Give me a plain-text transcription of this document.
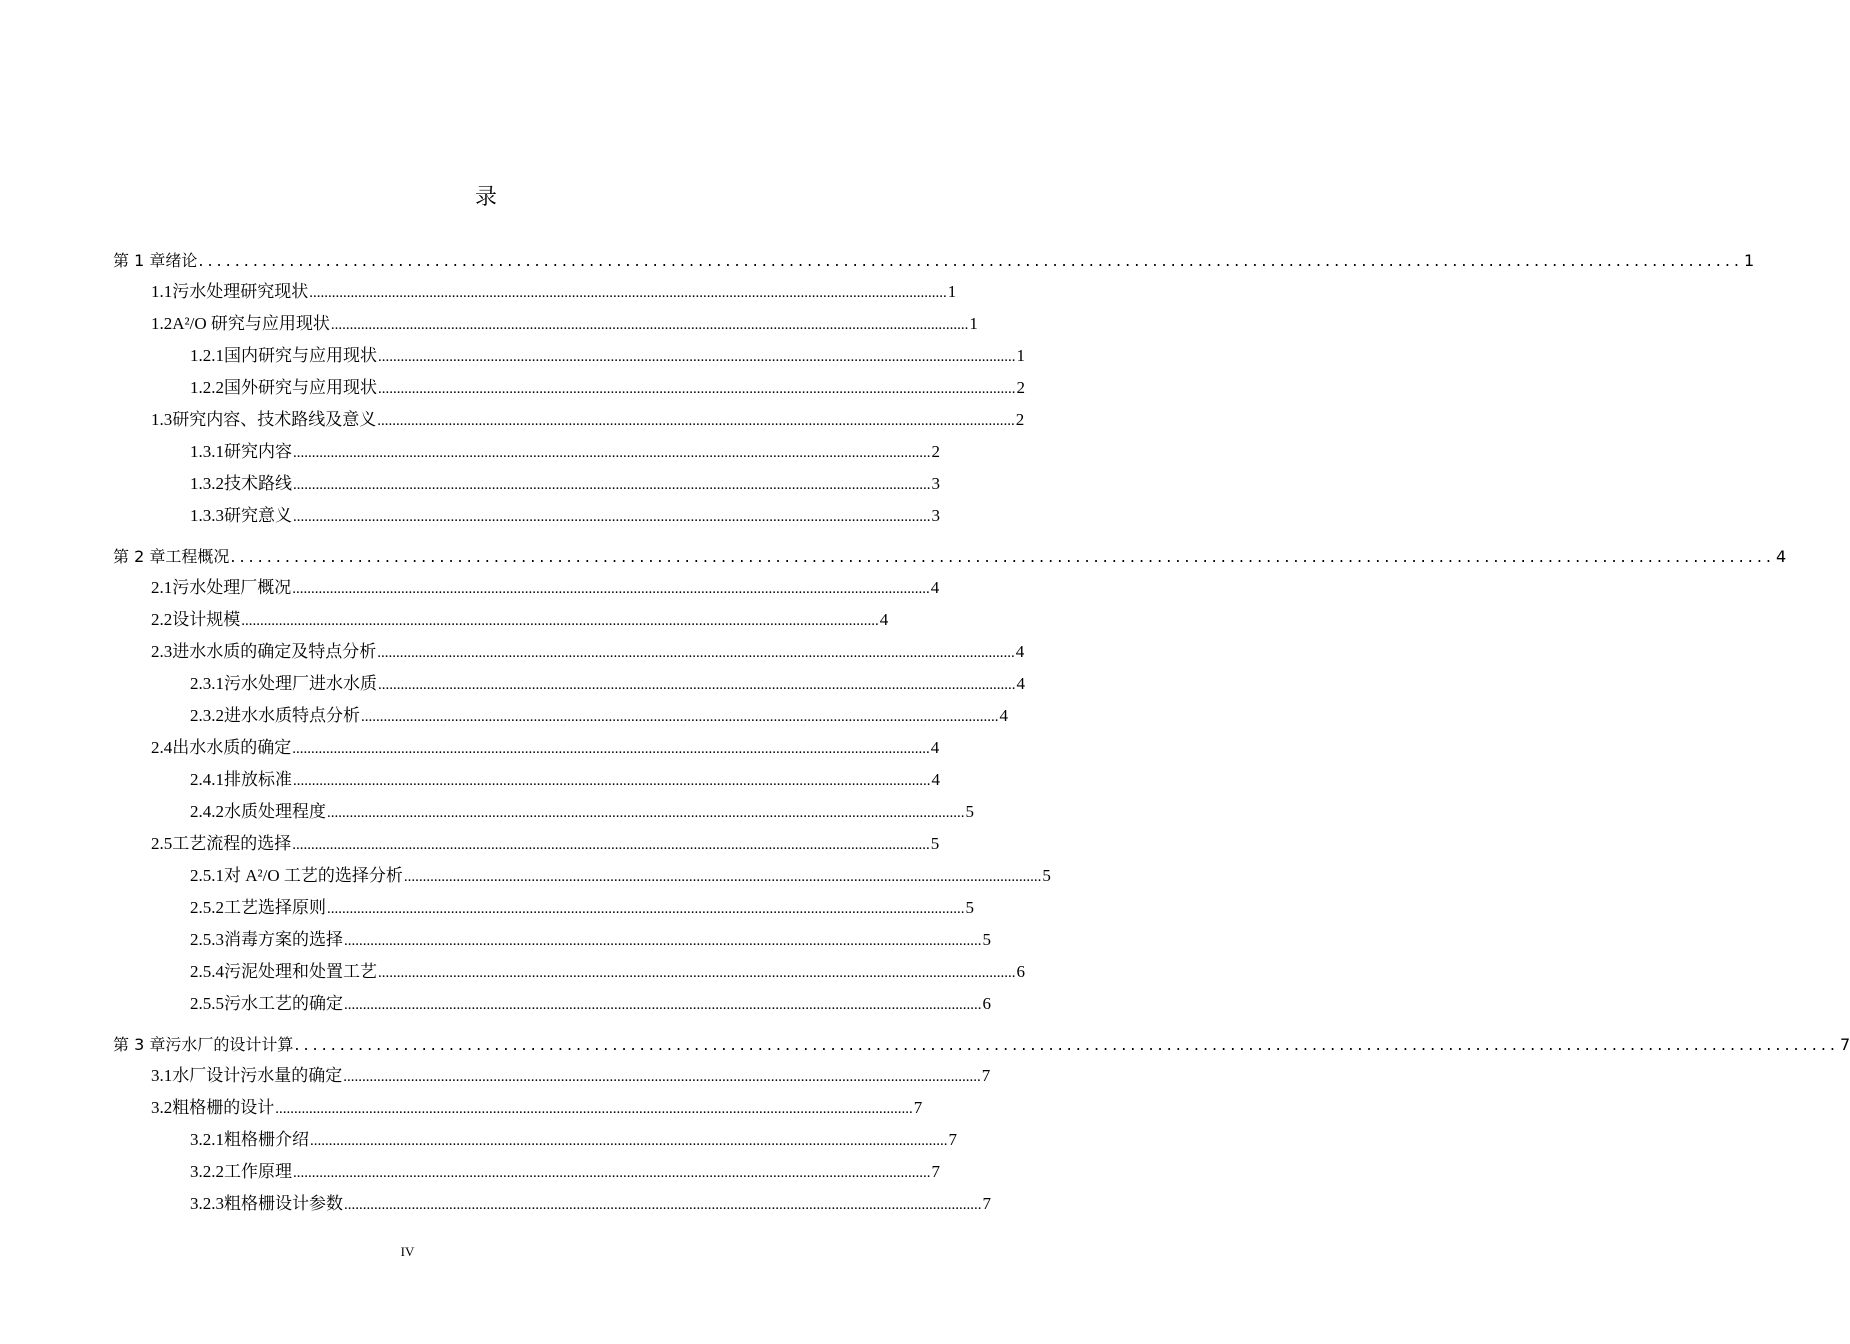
录
第 1 章 绪论 .......................................................................................................................................................................... 1
1.1 污水处理研究现状 .......................................................................................................................................................................... 1
1.2 A²/O 研究与应用现状 .......................................................................................................................................................................... 1
1.2.1 国内研究与应用现状 .......................................................................................................................................................................... 1
1.2.2 国外研究与应用现状 .......................................................................................................................................................................... 2
1.3 研究内容、技术路线及意义 .......................................................................................................................................................................... 2
1.3.1 研究内容 .......................................................................................................................................................................... 2
1.3.2 技术路线 .......................................................................................................................................................................... 3
1.3.3 研究意义 .......................................................................................................................................................................... 3
第 2 章 工程概况 .......................................................................................................................................................................... 4
2.1 污水处理厂概况 .......................................................................................................................................................................... 4
2.2 设计规模 .......................................................................................................................................................................... 4
2.3 进水水质的确定及特点分析 .......................................................................................................................................................................... 4
2.3.1 污水处理厂进水水质 .......................................................................................................................................................................... 4
2.3.2 进水水质特点分析 .......................................................................................................................................................................... 4
2.4 出水水质的确定 .......................................................................................................................................................................... 4
2.4.1 排放标准 .......................................................................................................................................................................... 4
2.4.2 水质处理程度 .......................................................................................................................................................................... 5
2.5 工艺流程的选择 .......................................................................................................................................................................... 5
2.5.1 对 A²/O 工艺的选择分析 .......................................................................................................................................................................... 5
2.5.2 工艺选择原则 .......................................................................................................................................................................... 5
2.5.3 消毒方案的选择 .......................................................................................................................................................................... 5
2.5.4 污泥处理和处置工艺 .......................................................................................................................................................................... 6
2.5.5 污水工艺的确定 .......................................................................................................................................................................... 6
第 3 章 污水厂的设计计算 .......................................................................................................................................................................... 7
3.1 水厂设计污水量的确定 .......................................................................................................................................................................... 7
3.2 粗格栅的设计 .......................................................................................................................................................................... 7
3.2.1 粗格栅介绍 .......................................................................................................................................................................... 7
3.2.2 工作原理 .......................................................................................................................................................................... 7
3.2.3 粗格栅设计参数 .......................................................................................................................................................................... 7
IV
